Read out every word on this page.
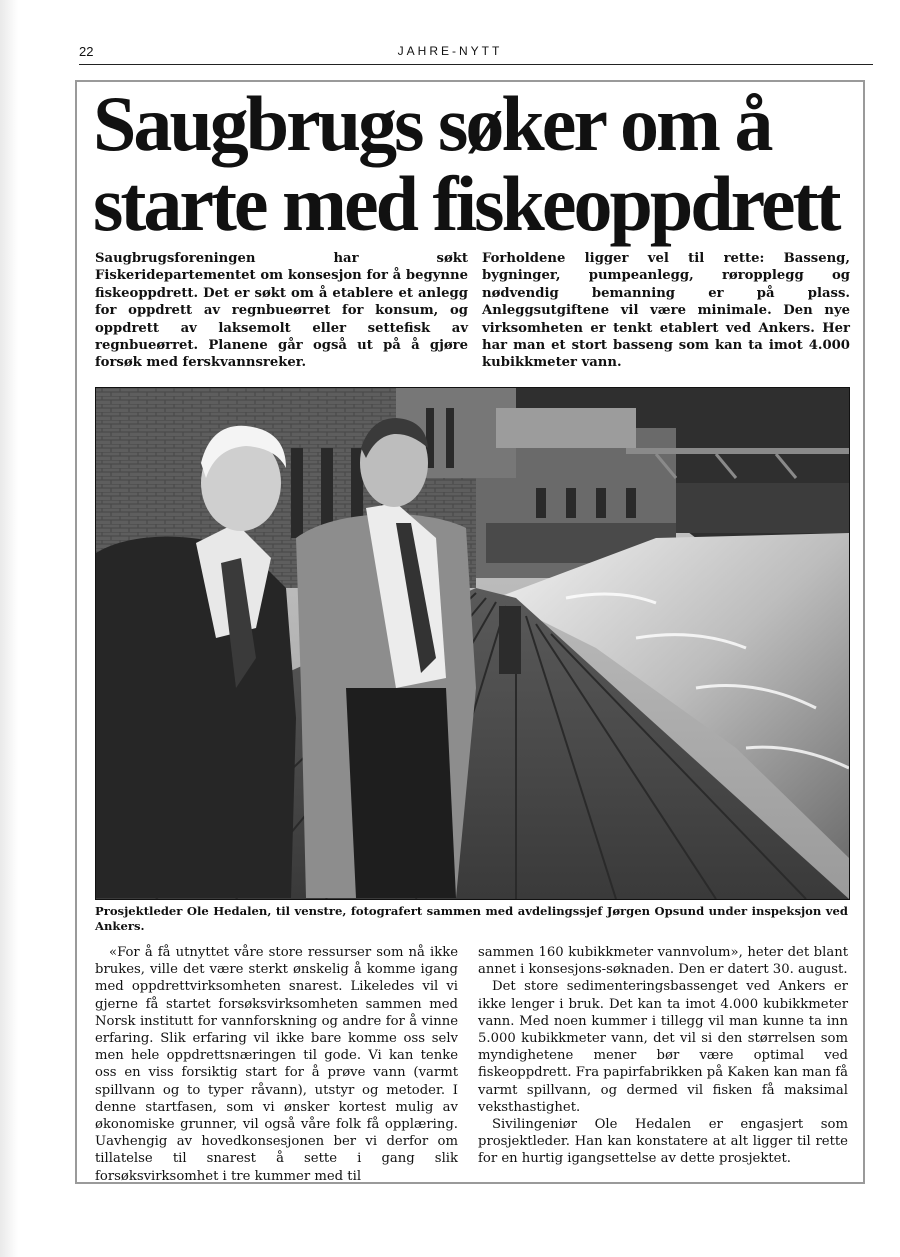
22	JAHRE-NYTT
Saugbrugs søker om å
starte med fiskeoppdrett

Saugbrugsforeningen har søkt Fiskeridepartementet om konsesjon for å begynne fiskeoppdrett. Det er søkt om å etablere et anlegg for oppdrett av regnbueørret for konsum, og oppdrett av laksemolt eller settefisk av regnbueørret. Planene går også ut på å gjøre forsøk med ferskvannsreker.

Forholdene ligger vel til rette: Basseng, bygninger, pumpeanlegg, røropplegg og nødvendig bemanning er på plass. Anleggsutgiftene vil være minimale. Den nye virksomheten er tenkt etablert ved Ankers. Her har man et stort basseng som kan ta imot 4.000 kubikkmeter vann.

Prosjektleder Ole Hedalen, til venstre, fotografert sammen med avdelingssjef Jørgen Opsund under inspeksjon ved Ankers.

«For å få utnyttet våre store ressurser som nå ikke brukes, ville det være sterkt ønskelig å komme igang med oppdrettvirksomheten snarest. Likeledes vil vi gjerne få startet forsøksvirksomheten sammen med Norsk institutt for vannforskning og andre for å vinne erfaring. Slik erfaring vil ikke bare komme oss selv men hele oppdrettsnæringen til gode. Vi kan tenke oss en viss forsiktig start for å prøve vann (varmt spillvann og to typer råvann), utstyr og metoder. I denne startfasen, som vi ønsker kortest mulig av økonomiske grunner, vil også våre folk få opplæring. Uavhengig av hovedkonsesjonen ber vi derfor om tillatelse til snarest å sette i gang slik forsøksvirksomhet i tre kummer med til

sammen 160 kubikkmeter vannvolum», heter det blant annet i konsesjons-søknaden. Den er datert 30. august.

Det store sedimenteringsbassenget ved Ankers er ikke lenger i bruk. Det kan ta imot 4.000 kubikkmeter vann. Med noen kummer i tillegg vil man kunne ta inn 5.000 kubikkmeter vann, det vil si den størrelsen som myndighetene mener bør være optimal ved fiskeoppdrett. Fra papirfabrikken på Kaken kan man få varmt spillvann, og dermed vil fisken få maksimal veksthastighet.

Sivilingeniør Ole Hedalen er engasjert som prosjektleder. Han kan konstatere at alt ligger til rette for en hurtig igangsettelse av dette prosjektet.
